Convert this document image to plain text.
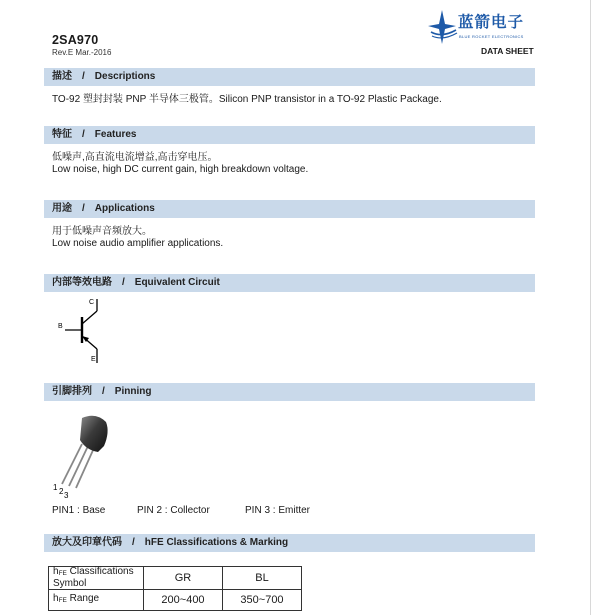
2SA970
Rev.E Mar.-2016
蓝箭电子
BLUE ROCKET ELECTRONICS
DATA SHEET
描述 / Descriptions
TO-92 塑封封装 PNP 半导体三极管。Silicon PNP transistor in a TO-92 Plastic Package.
特征 / Features
低噪声,高直流电流增益,高击穿电压。
Low noise, high DC current gain, high breakdown voltage.
用途 / Applications
用于低噪声音频放大。
Low noise audio amplifier applications.
内部等效电路 / Equivalent Circuit
C
B
E
引脚排列 / Pinning
1 2 3
PIN1 : Base	PIN 2 : Collector	PIN 3 : Emitter
放大及印章代码 / hFE Classifications & Marking
hFE Classifications
Symbol	GR	BL
hFE Range	200~400	350~700
